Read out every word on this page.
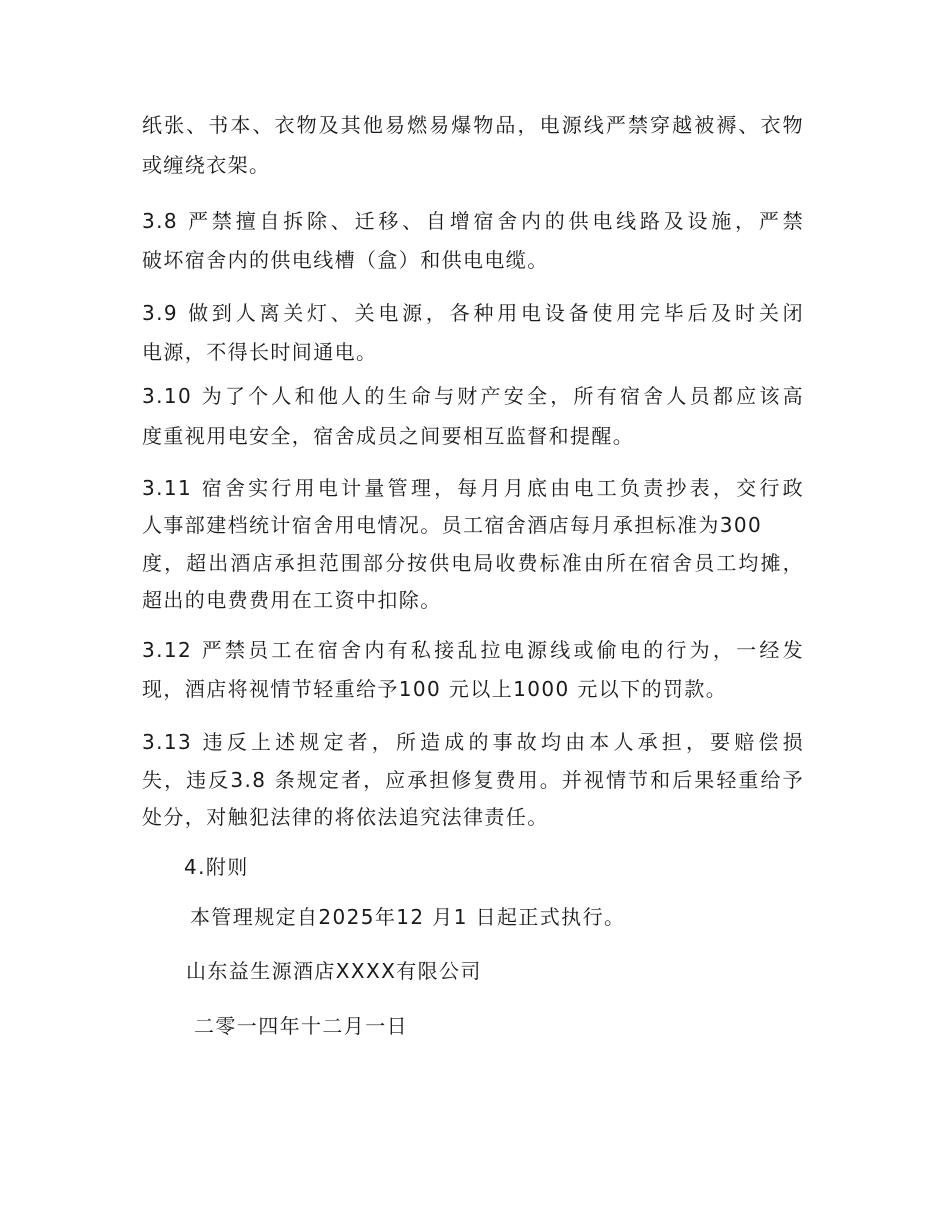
纸张、书本、衣物及其他易燃易爆物品，电源线严禁穿越被褥、衣物

或缠绕衣架。

3.8 严禁擅自拆除、迁移、自增宿舍内的供电线路及设施，严禁

破坏宿舍内的供电线槽（盒）和供电电缆。

3.9 做到人离关灯、关电源，各种用电设备使用完毕后及时关闭

电源，不得长时间通电。

3.10 为了个人和他人的生命与财产安全，所有宿舍人员都应该高

度重视用电安全，宿舍成员之间要相互监督和提醒。

3.11 宿舍实行用电计量管理，每月月底由电工负责抄表，交行政

人事部建档统计宿舍用电情况。员工宿舍酒店每月承担标准为300

度，超出酒店承担范围部分按供电局收费标准由所在宿舍员工均摊，

超出的电费费用在工资中扣除。

3.12 严禁员工在宿舍内有私接乱拉电源线或偷电的行为，一经发

现，酒店将视情节轻重给予100 元以上1000 元以下的罚款。

3.13 违反上述规定者，所造成的事故均由本人承担，要赔偿损

失，违反3.8 条规定者，应承担修复费用。并视情节和后果轻重给予

处分，对触犯法律的将依法追究法律责任。

4.附则

本管理规定自2025年12 月1 日起正式执行。

山东益生源酒店XXXX有限公司

二零一四年十二月一日
